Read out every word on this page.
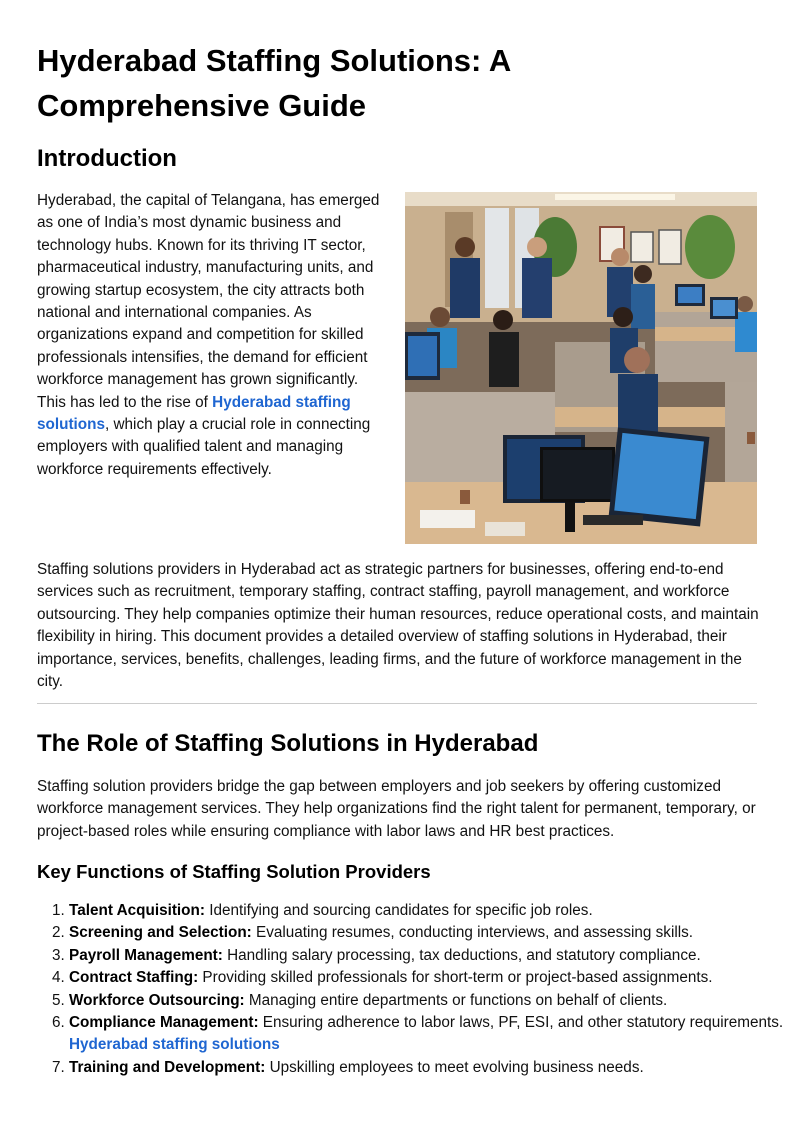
Hyderabad Staffing Solutions: A Comprehensive Guide
Introduction

Hyderabad, the capital of Telangana, has emerged as one of India’s most dynamic business and technology hubs. Known for its thriving IT sector, pharmaceutical industry, manufacturing units, and growing startup ecosystem, the city attracts both national and international companies. As organizations expand and competition for skilled professionals intensifies, the demand for efficient workforce management has grown significantly. This has led to the rise of Hyderabad staffing solutions, which play a crucial role in connecting employers with qualified talent and managing workforce requirements effectively.

Staffing solutions providers in Hyderabad act as strategic partners for businesses, offering end-to-end services such as recruitment, temporary staffing, contract staffing, payroll management, and workforce outsourcing. They help companies optimize their human resources, reduce operational costs, and maintain flexibility in hiring. This document provides a detailed overview of staffing solutions in Hyderabad, their importance, services, benefits, challenges, leading firms, and the future of workforce management in the city.

The Role of Staffing Solutions in Hyderabad

Staffing solution providers bridge the gap between employers and job seekers by offering customized workforce management services. They help organizations find the right talent for permanent, temporary, or project-based roles while ensuring compliance with labor laws and HR best practices.

Key Functions of Staffing Solution Providers
1. Talent Acquisition: Identifying and sourcing candidates for specific job roles.
2. Screening and Selection: Evaluating resumes, conducting interviews, and assessing skills.
3. Payroll Management: Handling salary processing, tax deductions, and statutory compliance.
4. Contract Staffing: Providing skilled professionals for short-term or project-based assignments.
5. Workforce Outsourcing: Managing entire departments or functions on behalf of clients.
6. Compliance Management: Ensuring adherence to labor laws, PF, ESI, and other statutory requirements. Hyderabad staffing solutions
7. Training and Development: Upskilling employees to meet evolving business needs.
